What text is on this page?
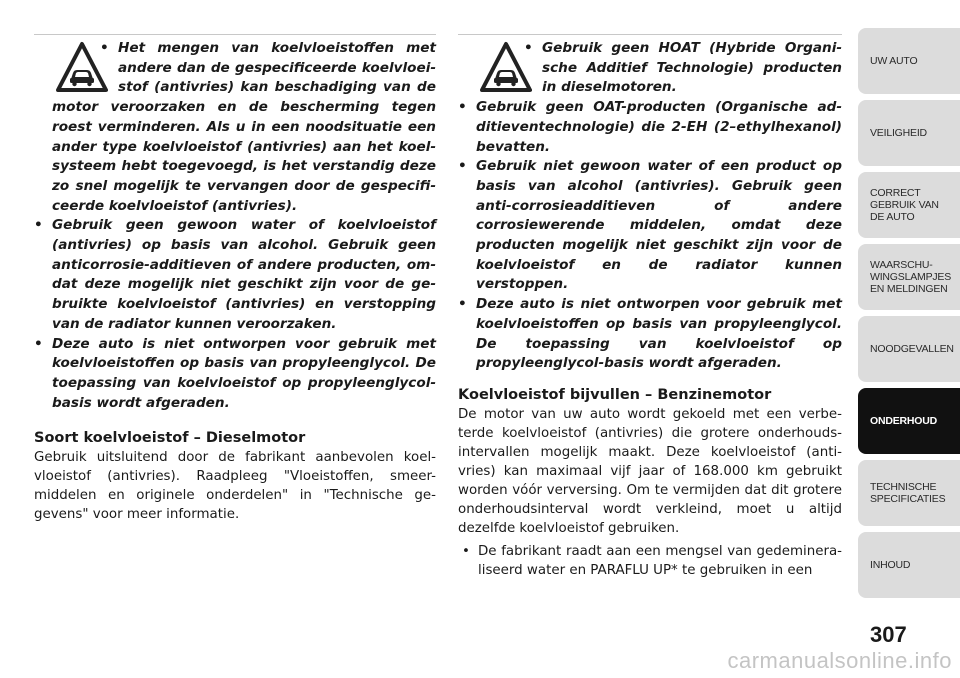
• Het mengen van koelvloeistoffen met andere dan de gespecificeerde koelvloei-stof (antivries) kan beschadiging van de motor veroorzaken en de bescherming tegen roest verminderen. Als u in een noodsituatie een ander type koelvloeistof (antivries) aan het koel-systeem hebt toegevoegd, is het verstandig deze zo snel mogelijk te vervangen door de gespecifi-ceerde koelvloeistof (antivries).

• Gebruik geen gewoon water of koelvloeistof (antivries) op basis van alcohol. Gebruik geen anticorrosie-additieven of andere producten, om-dat deze mogelijk niet geschikt zijn voor de ge-bruikte koelvloeistof (antivries) en verstopping van de radiator kunnen veroorzaken.

• Deze auto is niet ontworpen voor gebruik met koelvloeistoffen op basis van propyleenglycol. De toepassing van koelvloeistof op propyleenglycol-basis wordt afgeraden.

Soort koelvloeistof – Dieselmotor

Gebruik uitsluitend door de fabrikant aanbevolen koel-vloeistof (antivries). Raadpleeg "Vloeistoffen, smeer-middelen en originele onderdelen" in "Technische ge-gevens" voor meer informatie.

• Gebruik geen HOAT (Hybride Organi-sche Additief Technologie) producten in dieselmotoren.

• Gebruik geen OAT-producten (Organische ad-ditieventechnologie) die 2-EH (2–ethylhexanol) bevatten.

• Gebruik niet gewoon water of een product op basis van alcohol (antivries). Gebruik geen anti-corrosieadditieven of andere corrosiewerende middelen, omdat deze producten mogelijk niet geschikt zijn voor de koelvloeistof en de radiator kunnen verstoppen.

• Deze auto is niet ontworpen voor gebruik met koelvloeistoffen op basis van propyleenglycol. De toepassing van koelvloeistof op propyleenglycol-basis wordt afgeraden.

Koelvloeistof bijvullen – Benzinemotor

De motor van uw auto wordt gekoeld met een verbe-terde koelvloeistof (antivries) die grotere onderhouds-intervallen mogelijk maakt. Deze koelvloeistof (anti-vries) kan maximaal vijf jaar of 168.000 km gebruikt worden vóór verversing. Om te vermijden dat dit grotere onderhoudsinterval wordt verkleind, moet u altijd dezelfde koelvloeistof gebruiken.

• De fabrikant raadt aan een mengsel van gedeminera-liseerd water en PARAFLU UP* te gebruiken in een

UW AUTO
VEILIGHEID
CORRECT
GEBRUIK VAN
DE AUTO
WAARSCHU-
WINGSLAMPJES
EN MELDINGEN
NOODGEVALLEN
ONDERHOUD
TECHNISCHE
SPECIFICATIES
INHOUD
307
carmanualsonline.info
